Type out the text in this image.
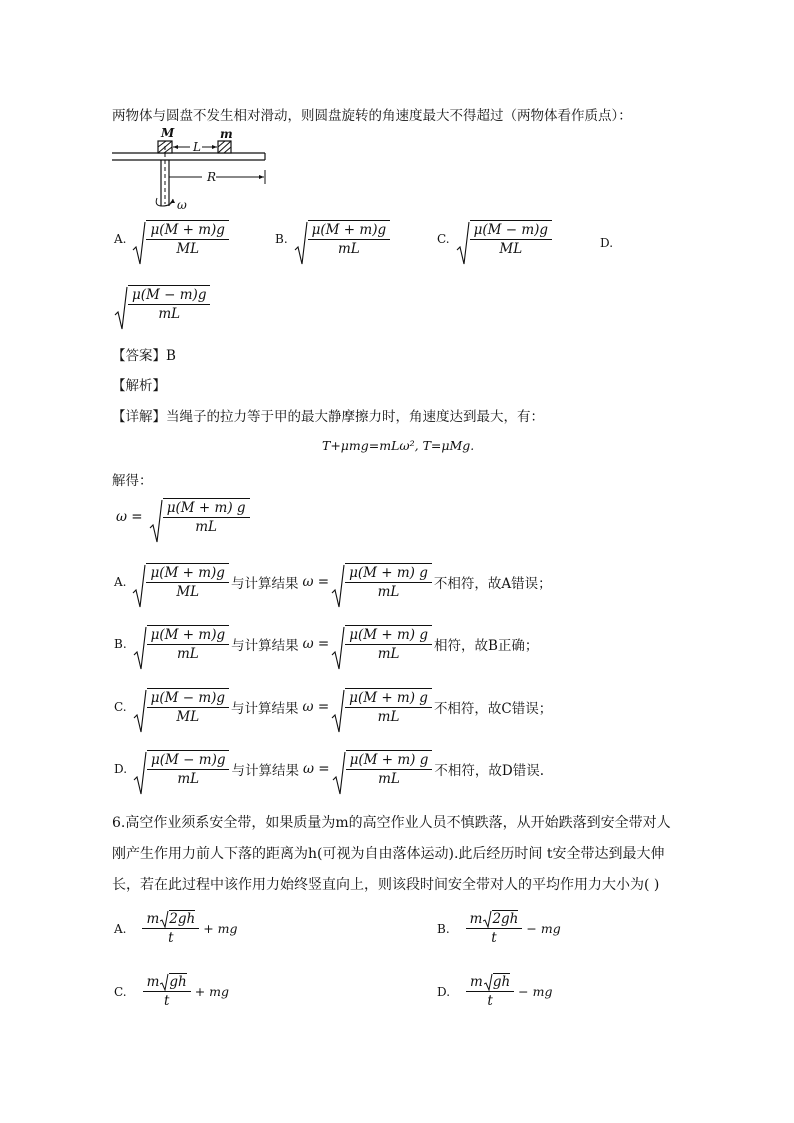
两物体与圆盘不发生相对滑动，则圆盘旋转的角速度最大不得超过（两物体看作质点）：
M	m
L
R
ω
A. $\frac{\mu(M + m)g}{ML}$	B. $\frac{\mu(M + m)g}{mL}$	C. $\frac{\mu(M - m)g}{ML}$
$\frac{\mu(M - m)g}{mL}$
D.
【答案】B
【解析】
【详解】当绳子的拉力等于甲的最大静摩擦力时，角速度达到最大，有：
T+μmg=mLω², T=μMg.
解得：
$\omega = \frac{\mu(M + m) g}{mL}$
A. $\frac{\mu(M + m)g}{ML}$ 与计算结果 $\omega = \frac{\mu(M + m) g}{mL}$ 不相符，故A错误；
B. $\frac{\mu(M + m)g}{mL}$ 与计算结果 $\omega = \frac{\mu(M + m) g}{mL}$ 相符，故B正确；
C. $\frac{\mu(M - m)g}{ML}$ 与计算结果 $\omega = \frac{\mu(M + m) g}{mL}$ 不相符，故C错误；
D. $\frac{\mu(M - m)g}{mL}$ 与计算结果 $\omega = \frac{\mu(M + m) g}{mL}$ 不相符，故D错误.
6.高空作业须系安全带，如果质量为m的高空作业人员不慎跌落，从开始跌落到安全带对人
刚产生作用力前人下落的距离为h(可视为自由落体运动).此后经历时间 t安全带达到最大伸
长，若在此过程中该作用力始终竖直向上，则该段时间安全带对人的平均作用力大小为( )
A. $\frac{m 2gh}{t}$ + mg	B. $\frac{m 2gh}{t}$ − mg
C. $\frac{\text{m gh}}{t}$ + mg	D. $\frac{\text{m gh}}{t}$ − mg
